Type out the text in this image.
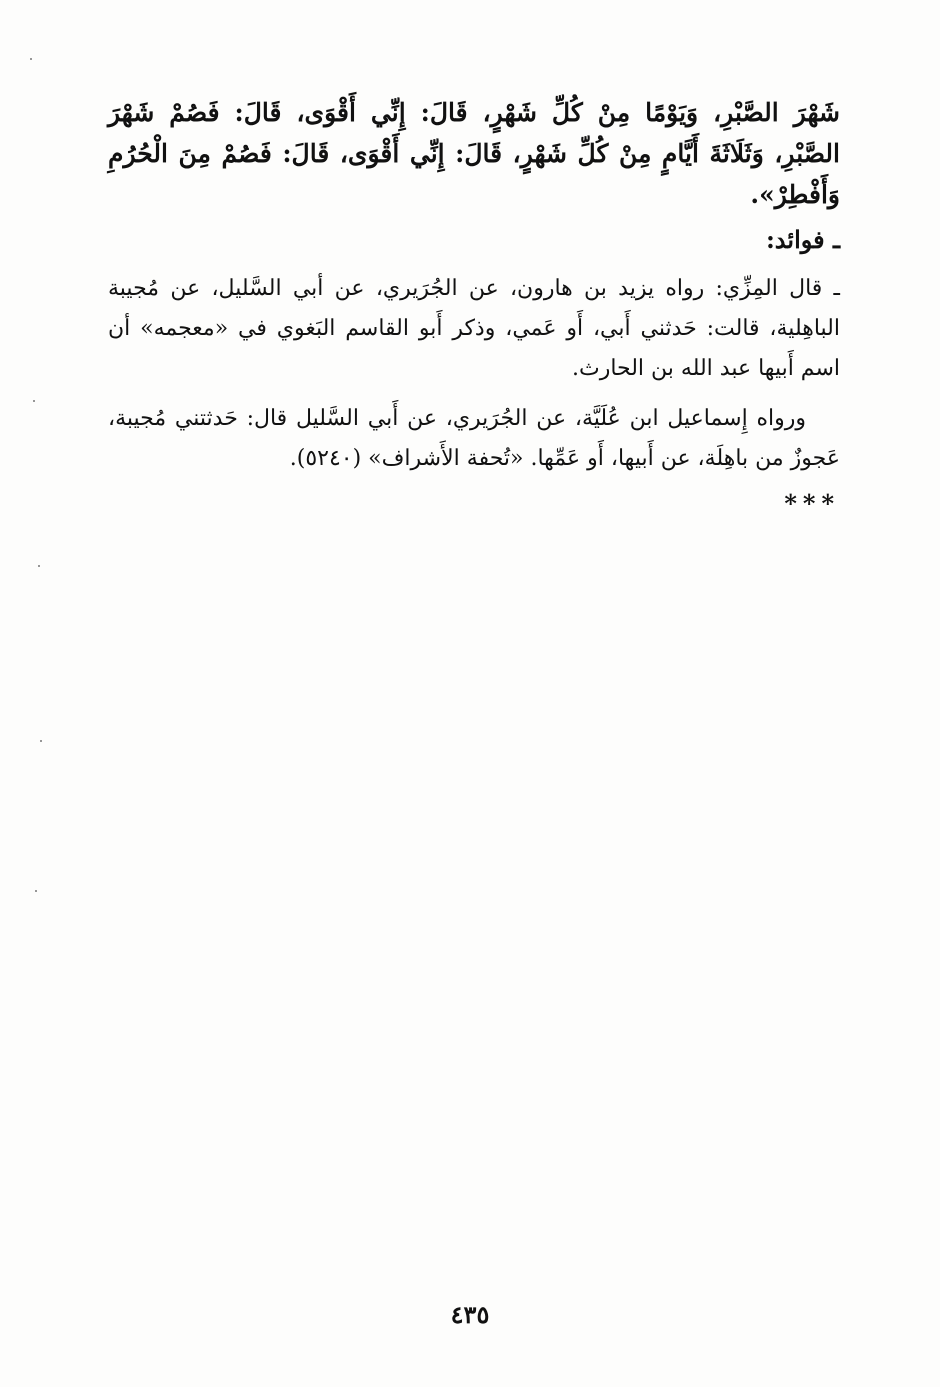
شَهْرَ الصَّبْرِ، وَيَوْمًا مِنْ كُلِّ شَهْرٍ، قَالَ: إِنِّي أَقْوَى، قَالَ: فَصُمْ شَهْرَ الصَّبْرِ، وَثَلَاثَةَ أَيَّامٍ مِنْ كُلِّ شَهْرٍ، قَالَ: إِنِّي أَقْوَى، قَالَ: فَصُمْ مِنَ الْحُرُمِ وَأَفْطِرْ».

ـ فوائد:

ـ قال المِزِّي: رواه يزيد بن هارون، عن الجُرَيري، عن أبي السَّليل، عن مُجيبة الباهِلية، قالت: حَدثني أَبي، أَو عَمي، وذكر أَبو القاسم البَغوي في «معجمه» أن اسم أَبيها عبد الله بن الحارث.

ورواه إِسماعيل ابن عُلَيَّة، عن الجُرَيري، عن أَبي السَّليل قال: حَدثتني مُجيبة، عَجوزٌ من باهِلَة، عن أَبيها، أَو عَمِّها. «تُحفة الأَشراف» (٥٢٤٠).

***
٤٣٥
